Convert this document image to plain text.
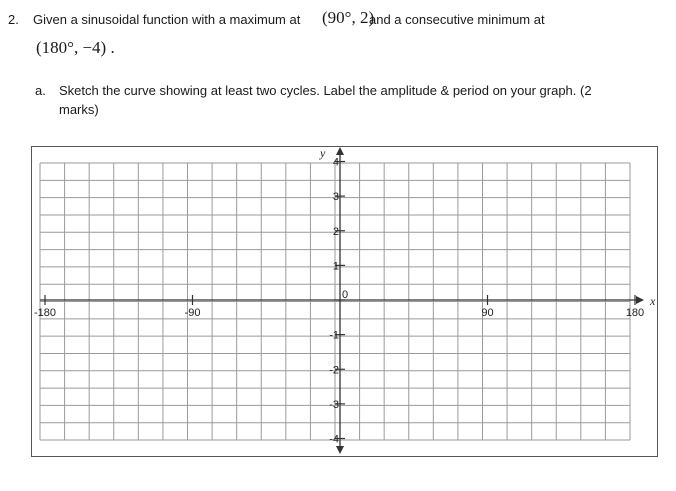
2. Given a sinusoidal function with a maximum at (90°, 2)
and a consecutive minimum at
(180°, −4) .
a. Sketch the curve showing at least two cycles. Label the amplitude & period on your graph. (2
marks)
-180	-90	90	180
4
3
2
1
0
-1
-2
-3
-4
x
y
